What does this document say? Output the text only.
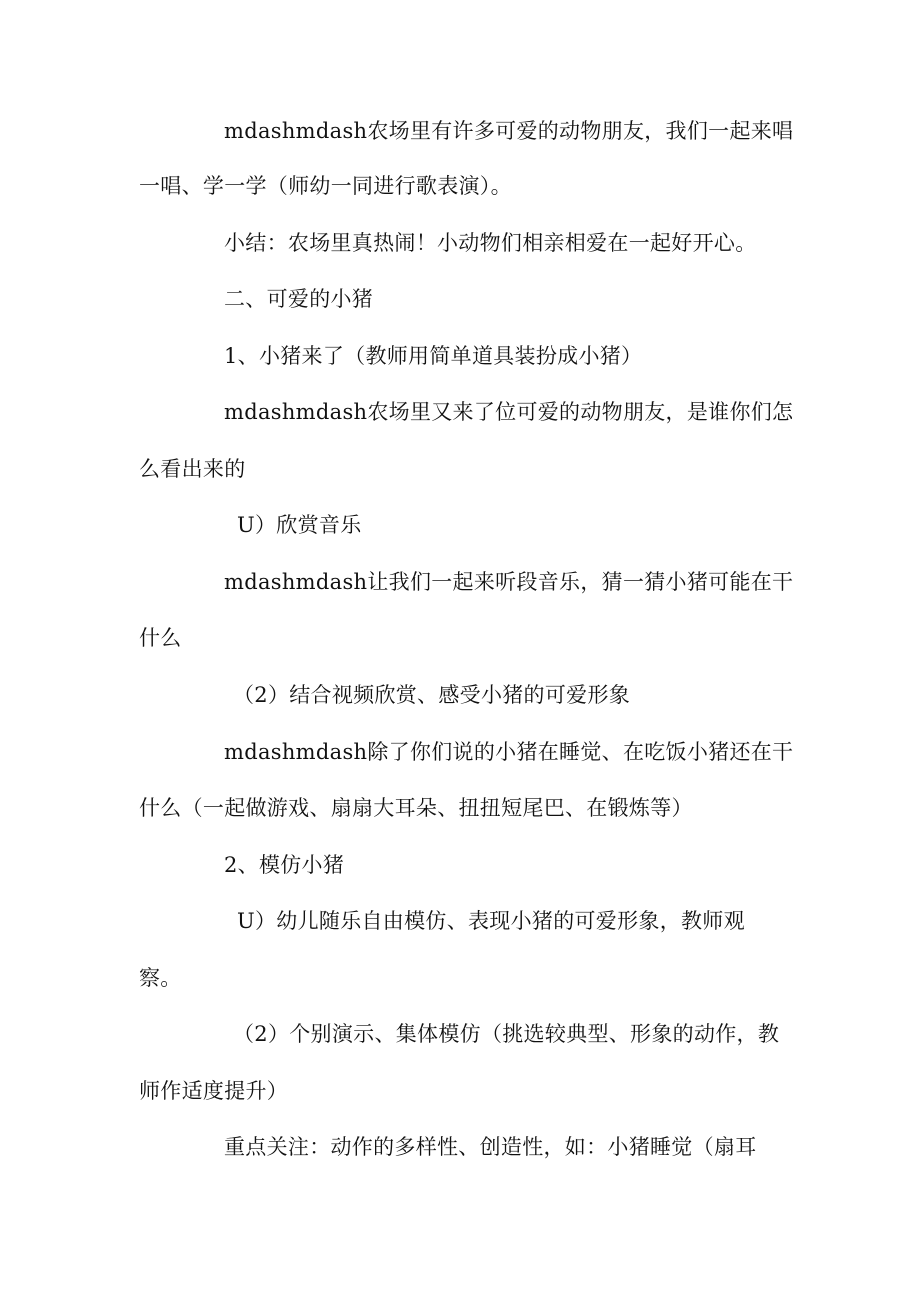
mdashmdash农场里有许多可爱的动物朋友，我们一起来唱
一唱、学一学（师幼一同进行歌表演）。
小结：农场里真热闹！小动物们相亲相爱在一起好开心。
二、可爱的小猪
1、小猪来了（教师用简单道具装扮成小猪）
mdashmdash农场里又来了位可爱的动物朋友，是谁你们怎
么看出来的
U）欣赏音乐
mdashmdash让我们一起来听段音乐，猜一猜小猪可能在干
什么
（2）结合视频欣赏、感受小猪的可爱形象
mdashmdash除了你们说的小猪在睡觉、在吃饭小猪还在干
什么（一起做游戏、扇扇大耳朵、扭扭短尾巴、在锻炼等）
2、模仿小猪
U）幼儿随乐自由模仿、表现小猪的可爱形象，教师观
察。
（2）个别演示、集体模仿（挑选较典型、形象的动作，教
师作适度提升）
重点关注：动作的多样性、创造性，如：小猪睡觉（扇耳
